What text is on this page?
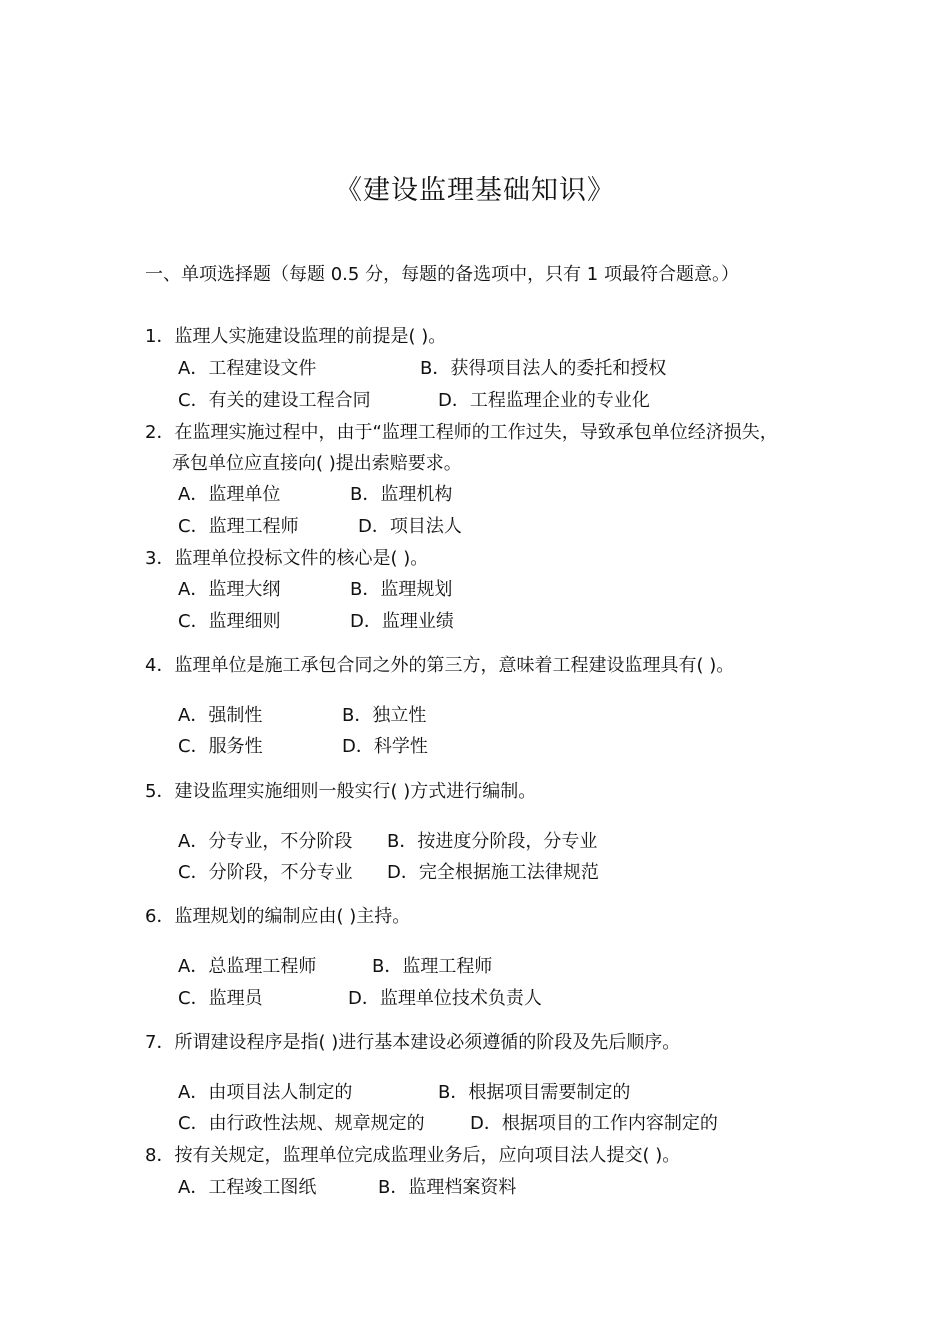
《建设监理基础知识》
一、单项选择题（每题 0.5 分，每题的备选项中，只有 1 项最符合题意。）
1．监理人实施建设监理的前提是( )。
A．工程建设文件	B．获得项目法人的委托和授权
C．有关的建设工程合同	D．工程监理企业的专业化
2．在监理实施过程中，由于“监理工程师的工作过失，导致承包单位经济损失，
承包单位应直接向( )提出索赔要求。
A．监理单位	B．监理机构
C．监理工程师	D．项目法人
3．监理单位投标文件的核心是( )。
A．监理大纲	B．监理规划
C．监理细则	D．监理业绩
4．监理单位是施工承包合同之外的第三方，意味着工程建设监理具有( )。
A．强制性	B．独立性
C．服务性	D．科学性
5．建设监理实施细则一般实行( )方式进行编制。
A．分专业，不分阶段 B．按进度分阶段，分专业
C．分阶段，不分专业 D．完全根据施工法律规范
6．监理规划的编制应由( )主持。
A．总监理工程师	B．监理工程师
C．监理员	D．监理单位技术负责人
7．所谓建设程序是指( )进行基本建设必须遵循的阶段及先后顺序。
A．由项目法人制定的	B．根据项目需要制定的
C．由行政性法规、规章规定的	D．根据项目的工作内容制定的
8．按有关规定，监理单位完成监理业务后，应向项目法人提交( )。
A．工程竣工图纸	B．监理档案资料
